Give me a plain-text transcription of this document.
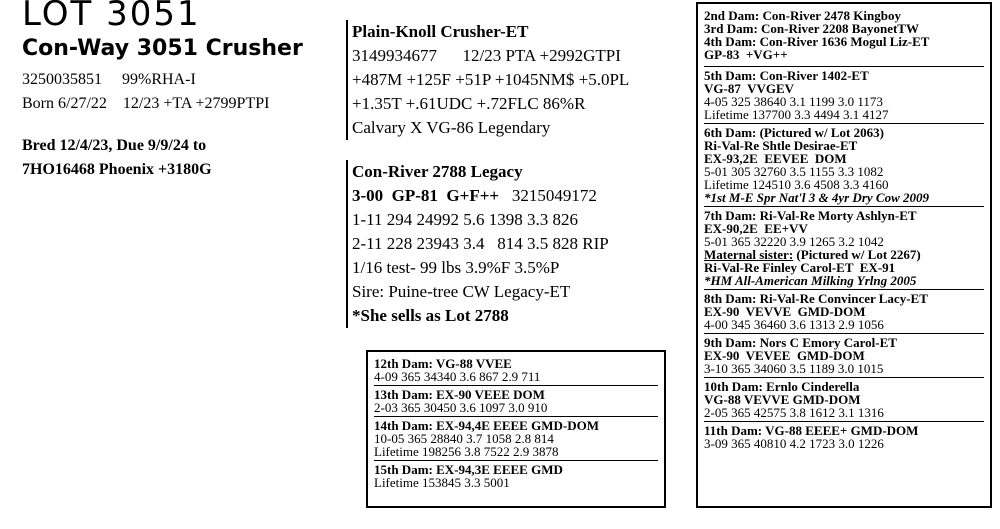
LOT 3051
Con-Way 3051 Crusher
3250035851     99%RHA-I
Born 6/27/22    12/23 +TA +2799PTPI
Bred 12/4/23, Due 9/9/24 to
7HO16468 Phoenix +3180G
Plain-Knoll Crusher-ET
3149934677      12/23 PTA +2992GTPI
+487M +125F +51P +1045NM$ +5.0PL
+1.35T +.61UDC +.72FLC 86%R
Calvary X VG-86 Legendary
Con-River 2788 Legacy
3-00  GP-81  G+F++   3215049172
1-11 294 24992 5.6 1398 3.3 826
2-11 228 23943 3.4   814 3.5 828 RIP
1/16 test- 99 lbs 3.9%F 3.5%P
Sire: Puine-tree CW Legacy-ET
*She sells as Lot 2788
12th Dam: VG-88 VVEE
4-09 365 34340 3.6 867 2.9 711
13th Dam: EX-90 VEEE DOM
2-03 365 30450 3.6 1097 3.0 910
14th Dam: EX-94,4E EEEE GMD-DOM
10-05 365 28840 3.7 1058 2.8 814
Lifetime 198256 3.8 7522 2.9 3878
15th Dam: EX-94,3E EEEE GMD
Lifetime 153845 3.3 5001
2nd Dam: Con-River 2478 Kingboy
3rd Dam: Con-River 2208 BayonetTW
4th Dam: Con-River 1636 Mogul Liz-ET
GP-83  +VG++
5th Dam: Con-River 1402-ET
VG-87  VVGEV
4-05 325 38640 3.1 1199 3.0 1173
Lifetime 137700 3.3 4494 3.1 4127
6th Dam: (Pictured w/ Lot 2063)
Ri-Val-Re Shtle Desirae-ET
EX-93,2E  EEVEE  DOM
5-01 305 32760 3.5 1155 3.3 1082
Lifetime 124510 3.6 4508 3.3 4160
*1st M-E Spr Nat'l 3 & 4yr Dry Cow 2009
7th Dam: Ri-Val-Re Morty Ashlyn-ET
EX-90,2E  EE+VV
5-01 365 32220 3.9 1265 3.2 1042
Maternal sister: (Pictured w/ Lot 2267)
Ri-Val-Re Finley Carol-ET  EX-91
*HM All-American Milking Yrlng 2005
8th Dam: Ri-Val-Re Convincer Lacy-ET
EX-90  VEVVE  GMD-DOM
4-00 345 36460 3.6 1313 2.9 1056
9th Dam: Nors C Emory Carol-ET
EX-90  VEVEE  GMD-DOM
3-10 365 34060 3.5 1189 3.0 1015
10th Dam: Ernlo Cinderella
VG-88 VEVVE GMD-DOM
2-05 365 42575 3.8 1612 3.1 1316
11th Dam: VG-88 EEEE+ GMD-DOM
3-09 365 40810 4.2 1723 3.0 1226
